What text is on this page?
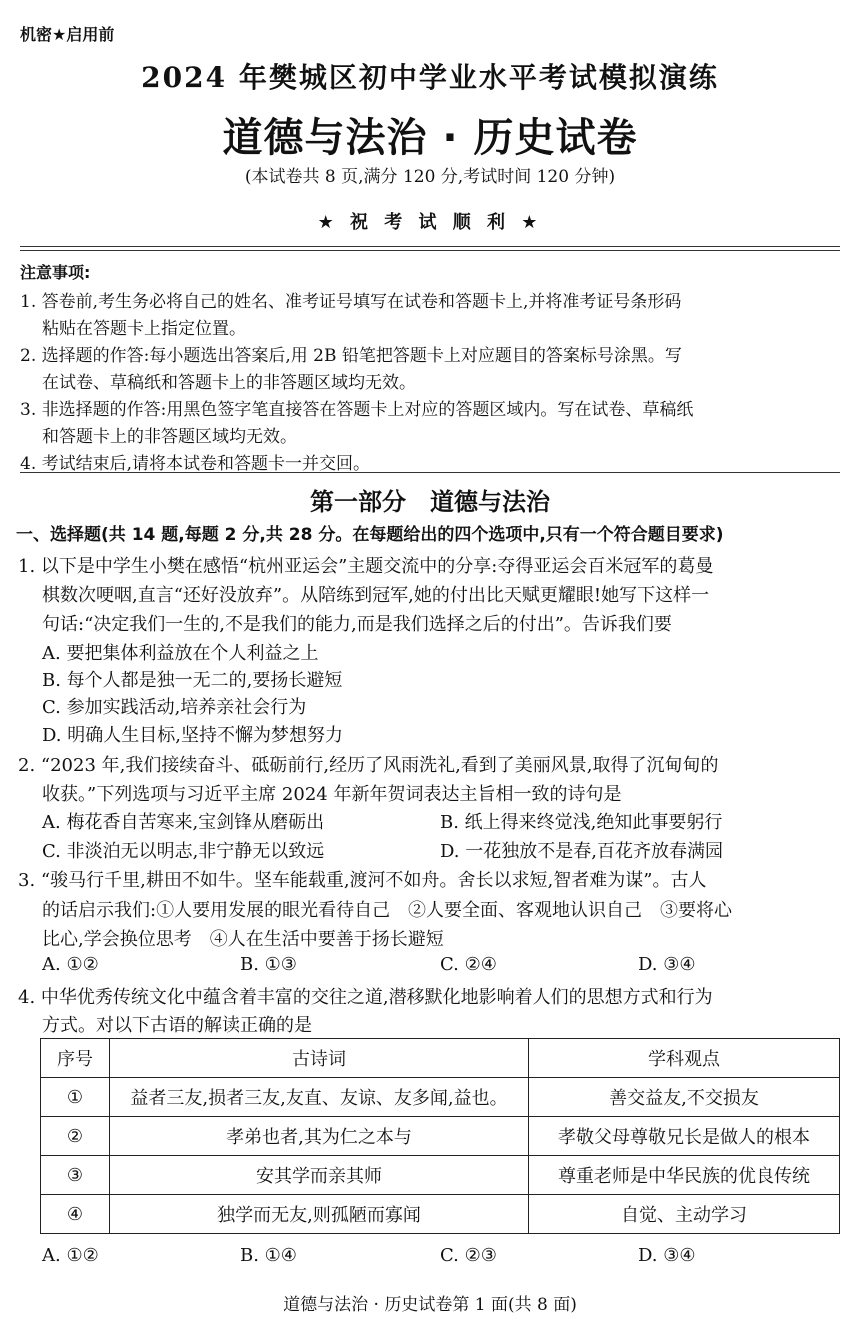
机密★启用前
2024 年樊城区初中学业水平考试模拟演练
道德与法治 · 历史试卷
(本试卷共 8 页,满分 120 分,考试时间 120 分钟)
★ 祝 考 试 顺 利 ★
注意事项:
1. 答卷前,考生务必将自己的姓名、准考证号填写在试卷和答题卡上,并将准考证号条形码
粘贴在答题卡上指定位置。
2. 选择题的作答:每小题选出答案后,用 2B 铅笔把答题卡上对应题目的答案标号涂黑。写
在试卷、草稿纸和答题卡上的非答题区域均无效。
3. 非选择题的作答:用黑色签字笔直接答在答题卡上对应的答题区域内。写在试卷、草稿纸
和答题卡上的非答题区域均无效。
4. 考试结束后,请将本试卷和答题卡一并交回。
第一部分　道德与法治
一、选择题(共 14 题,每题 2 分,共 28 分。在每题给出的四个选项中,只有一个符合题目要求)
1. 以下是中学生小樊在感悟“杭州亚运会”主题交流中的分享:夺得亚运会百米冠军的葛曼
棋数次哽咽,直言“还好没放弃”。从陪练到冠军,她的付出比天赋更耀眼!她写下这样一
句话:“决定我们一生的,不是我们的能力,而是我们选择之后的付出”。告诉我们要
A. 要把集体利益放在个人利益之上
B. 每个人都是独一无二的,要扬长避短
C. 参加实践活动,培养亲社会行为
D. 明确人生目标,坚持不懈为梦想努力
2. “2023 年,我们接续奋斗、砥砺前行,经历了风雨洗礼,看到了美丽风景,取得了沉甸甸的
收获。”下列选项与习近平主席 2024 年新年贺词表达主旨相一致的诗句是
A. 梅花香自苦寒来,宝剑锋从磨砺出	B. 纸上得来终觉浅,绝知此事要躬行
C. 非淡泊无以明志,非宁静无以致远	D. 一花独放不是春,百花齐放春满园
3. “骏马行千里,耕田不如牛。坚车能载重,渡河不如舟。舍长以求短,智者难为谋”。古人
的话启示我们:①人要用发展的眼光看待自己　②人要全面、客观地认识自己　③要将心
比心,学会换位思考　④人在生活中要善于扬长避短
A. ①②	B. ①③	C. ②④	D. ③④
4. 中华优秀传统文化中蕴含着丰富的交往之道,潜移默化地影响着人们的思想方式和行为
方式。对以下古语的解读正确的是
序号	古诗词	学科观点
①	益者三友,损者三友,友直、友谅、友多闻,益也。	善交益友,不交损友
②	孝弟也者,其为仁之本与	孝敬父母尊敬兄长是做人的根本
③	安其学而亲其师	尊重老师是中华民族的优良传统
④	独学而无友,则孤陋而寡闻	自觉、主动学习
A. ①②	B. ①④	C. ②③	D. ③④
道德与法治 · 历史试卷第 1 面(共 8 面)
